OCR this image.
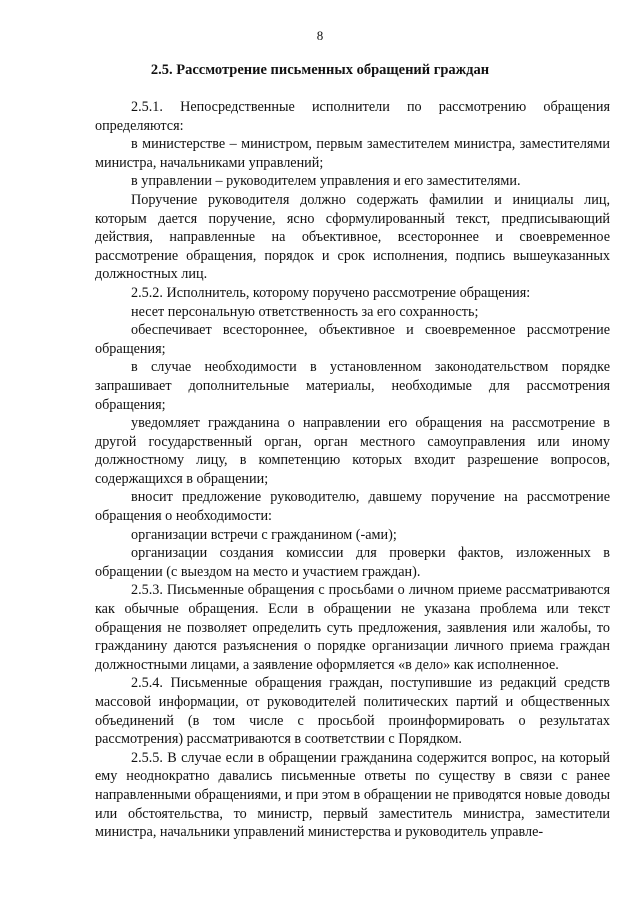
8
2.5. Рассмотрение письменных обращений граждан

2.5.1. Непосредственные исполнители по рассмотрению обращения определяются:

в министерстве – министром, первым заместителем министра, заместителями министра, начальниками управлений;

в управлении – руководителем управления и его заместителями.

Поручение руководителя должно содержать фамилии и инициалы лиц, которым дается поручение, ясно сформулированный текст, предписывающий действия, направленные на объективное, всестороннее и своевременное рассмотрение обращения, порядок и срок исполнения, подпись вышеуказанных должностных лиц.

2.5.2. Исполнитель, которому поручено рассмотрение обращения:

несет персональную ответственность за его сохранность;

обеспечивает всестороннее, объективное и своевременное рассмотрение обращения;

в случае необходимости в установленном законодательством порядке запрашивает дополнительные материалы, необходимые для рассмотрения обращения;

уведомляет гражданина о направлении его обращения на рассмотрение в другой государственный орган, орган местного самоуправления или иному должностному лицу, в компетенцию которых входит разрешение вопросов, содержащихся в обращении;

вносит предложение руководителю, давшему поручение на рассмотрение обращения о необходимости:

организации встречи с гражданином (-ами);

организации создания комиссии для проверки фактов, изложенных в обращении (с выездом на место и участием граждан).

2.5.3. Письменные обращения с просьбами о личном приеме рассматриваются как обычные обращения. Если в обращении не указана проблема или текст обращения не позволяет определить суть предложения, заявления или жалобы, то гражданину даются разъяснения о порядке организации личного приема граждан должностными лицами, а заявление оформляется «в дело» как исполненное.

2.5.4. Письменные обращения граждан, поступившие из редакций средств массовой информации, от руководителей политических партий и общественных объединений (в том числе с просьбой проинформировать о результатах рассмотрения) рассматриваются в соответствии с Порядком.

2.5.5. В случае если в обращении гражданина содержится вопрос, на который ему неоднократно давались письменные ответы по существу в связи с ранее направленными обращениями, и при этом в обращении не приводятся новые доводы или обстоятельства, то министр, первый заместитель министра, заместители министра, начальники управлений министерства и руководитель управле-
